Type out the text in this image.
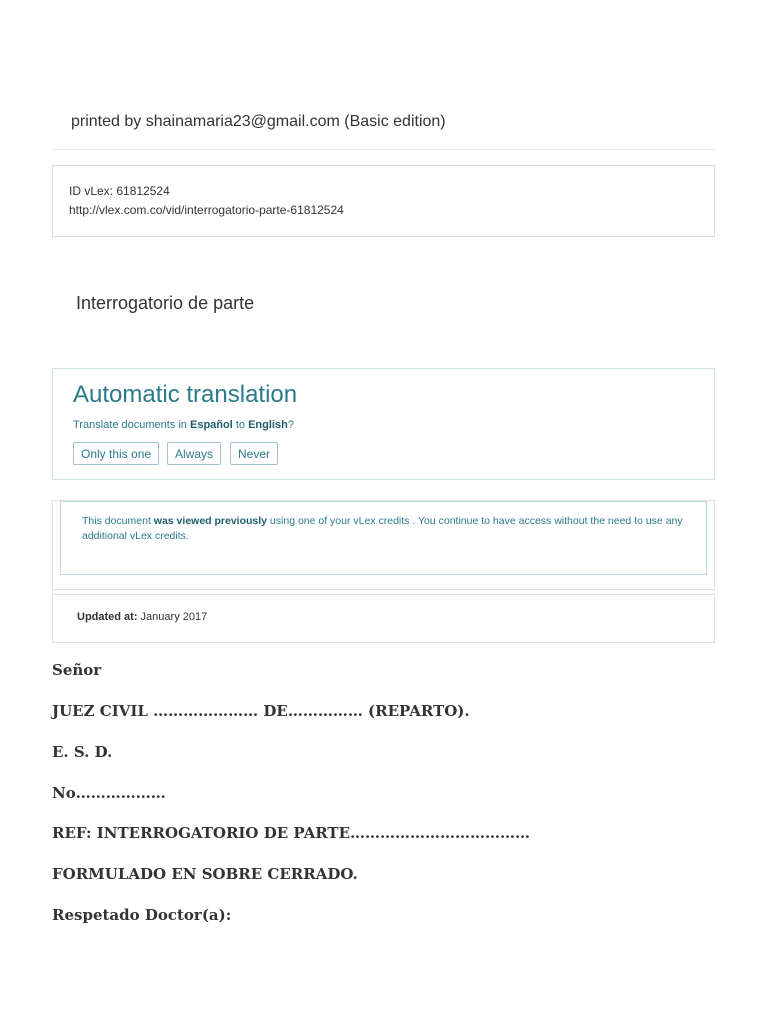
printed by shainamaria23@gmail.com (Basic edition)
ID vLex: 61812524
http://vlex.com.co/vid/interrogatorio-parte-61812524
Interrogatorio de parte
Automatic translation
Translate documents in Español to English?
Only this one	Always	Never
This document was viewed previously using one of your vLex credits . You continue to have access without the need to use any additional vLex credits.
Updated at: January 2017
Señor
JUEZ CIVIL ………………… DE…………… (REPARTO).
E. S. D.
No………………
REF: INTERROGATORIO DE PARTE………………………………
FORMULADO EN SOBRE CERRADO.
Respetado Doctor(a):
